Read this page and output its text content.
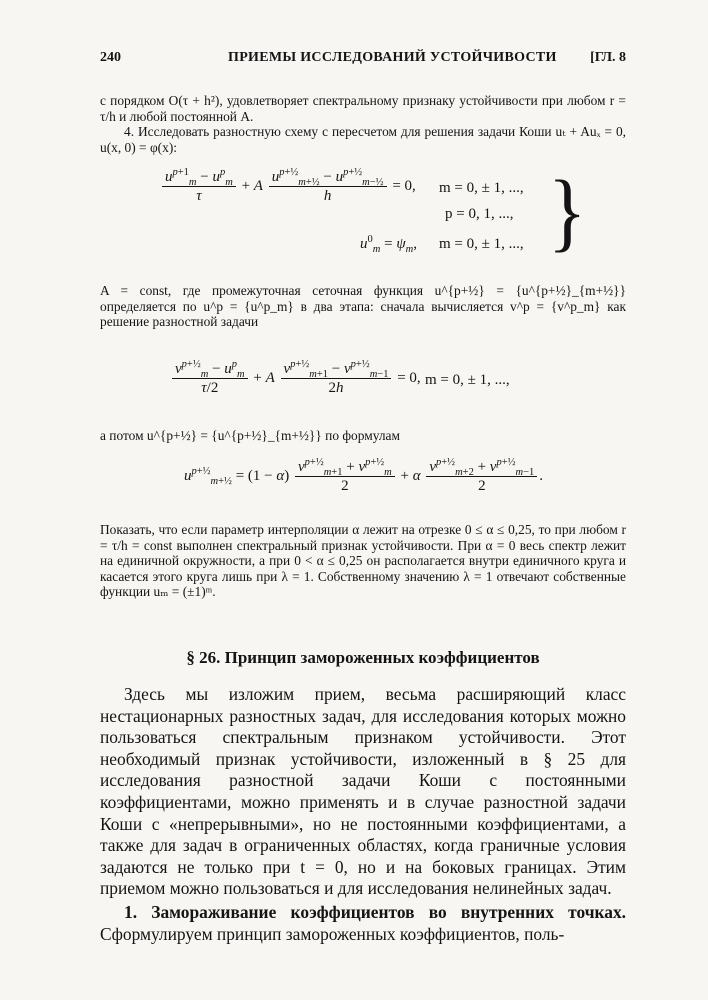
240	ПРИЕМЫ ИССЛЕДОВАНИЙ УСТОЙЧИВОСТИ [ГЛ. 8

с порядком O(τ + h²), удовлетворяет спектральному признаку устойчивости при любом r = τ/h и любой постоянной A.

4. Исследовать разностную схему с пересчетом для решения задачи Коши uₜ + Auₓ = 0, u(x, 0) = φ(x):

$\frac{u^{p+1}_m - u^p_m}{\tau} + A \frac{u^{p+\frac{1}{2}}_{m+\frac{1}{2}} - u^{p+\frac{1}{2}}_{m-\frac{1}{2}}}{h} = 0$, m = 0, ± 1, ...,
p = 0, 1, ...,
$u^0_m = \psi_m$, m = 0, ± 1, ..., }

A = const, где промежуточная сеточная функция u^{p+½} = {u^{p+½}_{m+½}} определяется по u^p = {u^p_m} в два этапа: сначала вычисляется v^p = {v^p_m} как решение разностной задачи

$\frac{v^{p+\frac{1}{2}}_m - u^p_m}{\tau/2} + A \frac{v^{p+\frac{1}{2}}_{m+1} - v^{p+\frac{1}{2}}_{m-1}}{2h} = 0$, m = 0, ± 1, ...,

а потом u^{p+½} = {u^{p+½}_{m+½}} по формулам

$u^{p+\frac{1}{2}}_{m+\frac{1}{2}} = (1 - \alpha) \frac{v^{p+\frac{1}{2}}_{m+1} + v^{p+\frac{1}{2}}_m}{2} + \alpha \frac{v^{p+\frac{1}{2}}_{m+2} + v^{p+\frac{1}{2}}_{m-1}}{2}$ .

Показать, что если параметр интерполяции α лежит на отрезке 0 ≤ α ≤ 0,25, то при любом r = τ/h = const выполнен спектральный признак устойчивости. При α = 0 весь спектр лежит на единичной окружности, а при 0 < α ≤ 0,25 он располагается внутри единичного круга и касается этого круга лишь при λ = 1. Собственному значению λ = 1 отвечают собственные функции uₘ = (±1)ᵐ.

§ 26. Принцип замороженных коэффициентов

Здесь мы изложим прием, весьма расширяющий класс нестационарных разностных задач, для исследования которых можно пользоваться спектральным признаком устойчивости. Этот необходимый признак устойчивости, изложенный в § 25 для исследования разностной задачи Коши с постоянными коэффициентами, можно применять и в случае разностной задачи Коши с «непрерывными», но не постоянными коэффициентами, а также для задач в ограниченных областях, когда граничные условия задаются не только при t = 0, но и на боковых границах. Этим приемом можно пользоваться и для исследования нелинейных задач.

1. Замораживание коэффициентов во внутренних точках. Сформулируем принцип замороженных коэффициентов, поль-
